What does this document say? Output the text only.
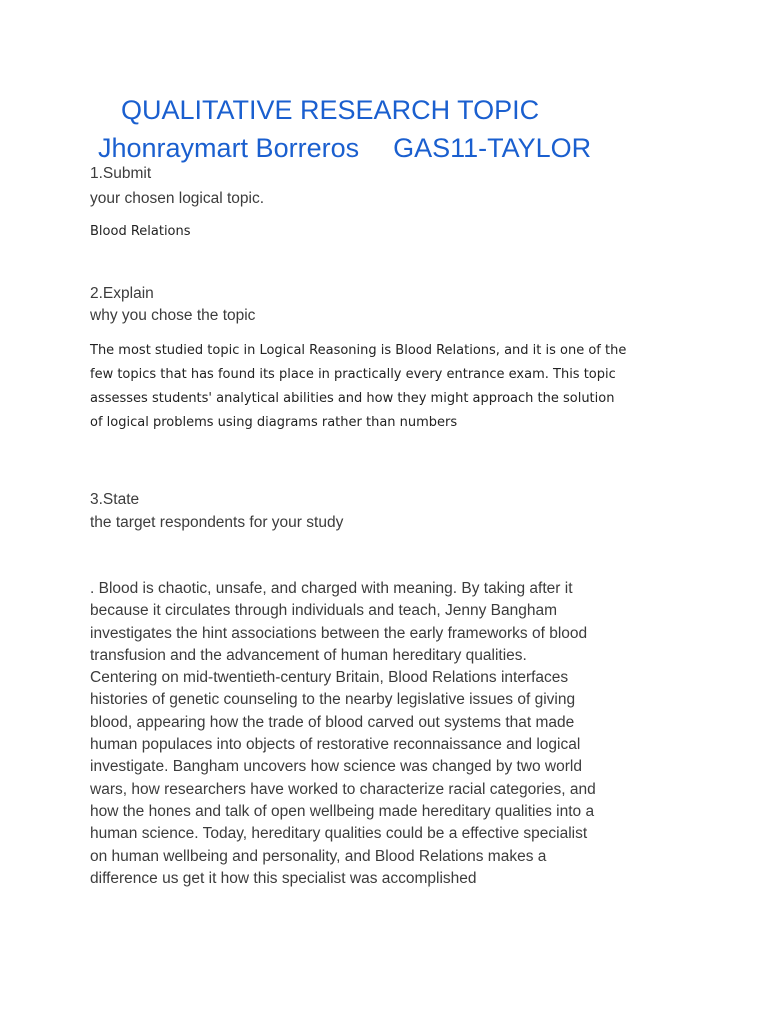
QUALITATIVE RESEARCH TOPIC
Jhonraymart Borreros GAS11-TAYLOR
1.Submit
your chosen logical topic.
Blood Relations
2.Explain
why you chose the topic
The most studied topic in Logical Reasoning is Blood Relations, and it is one of the
few topics that has found its place in practically every entrance exam. This topic
assesses students' analytical abilities and how they might approach the solution
of logical problems using diagrams rather than numbers
3.State
the target respondents for your study
. Blood is chaotic, unsafe, and charged with meaning. By taking after it
because it circulates through individuals and teach, Jenny Bangham
investigates the hint associations between the early frameworks of blood
transfusion and the advancement of human hereditary qualities.
Centering on mid-twentieth-century Britain, Blood Relations interfaces
histories of genetic counseling to the nearby legislative issues of giving
blood, appearing how the trade of blood carved out systems that made
human populaces into objects of restorative reconnaissance and logical
investigate. Bangham uncovers how science was changed by two world
wars, how researchers have worked to characterize racial categories, and
how the hones and talk of open wellbeing made hereditary qualities into a
human science. Today, hereditary qualities could be a effective specialist
on human wellbeing and personality, and Blood Relations makes a
difference us get it how this specialist was accomplished
